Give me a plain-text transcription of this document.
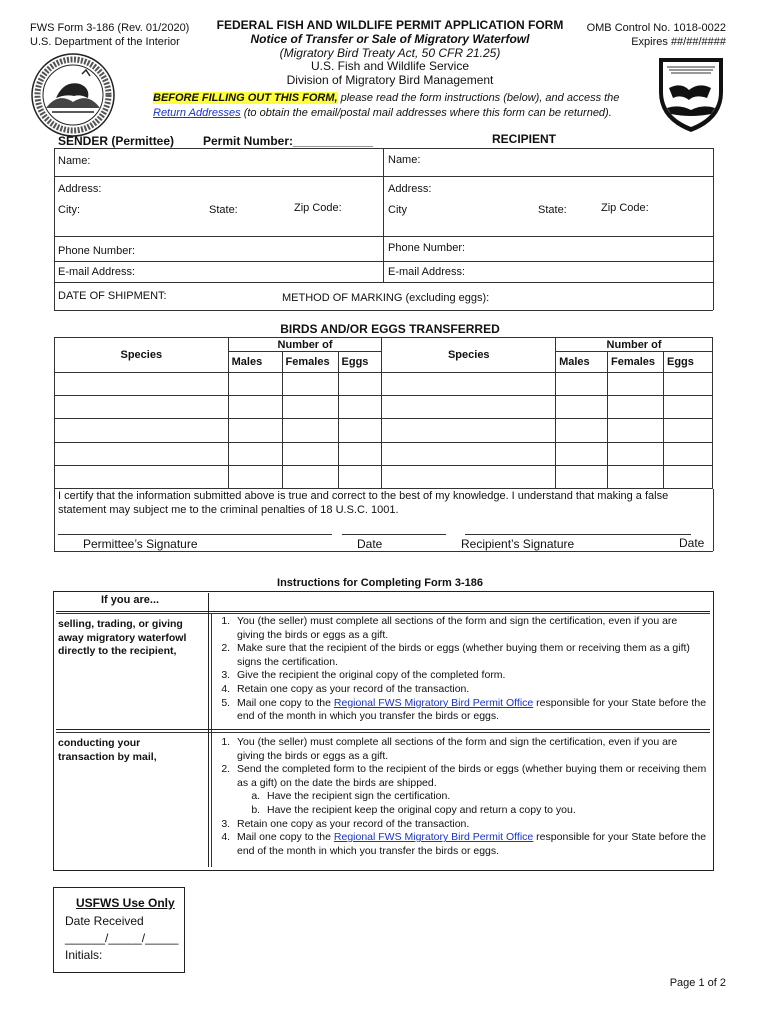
FWS Form 3-186 (Rev. 01/2020)
U.S. Department of the Interior
FEDERAL FISH AND WILDLIFE PERMIT APPLICATION FORM
Notice of Transfer or Sale of Migratory Waterfowl
(Migratory Bird Treaty Act, 50 CFR 21.25)
U.S. Fish and Wildlife Service
Division of Migratory Bird Management
OMB Control No. 1018-0022
Expires ##/##/####
BEFORE FILLING OUT THIS FORM, please read the form instructions (below), and access the
Return Addresses (to obtain the email/postal mail addresses where this form can be returned).
SENDER (Permittee) Permit Number:____________	RECIPIENT
Name:	Name:
Address:	Address:
City:	State:	Zip Code:	City	State:	Zip Code:
Phone Number:	Phone Number:
E-mail Address:	E-mail Address:
DATE OF SHIPMENT:	METHOD OF MARKING (excluding eggs):
BIRDS AND/OR EGGS TRANSFERRED
Species	Number of			Species	Number of		
	Males	Females	Eggs		Males	Females	Eggs

I certify that the information submitted above is true and correct to the best of my knowledge. I understand that making a false statement may subject me to the criminal penalties of 18 U.S.C. 1001.
Permittee’s Signature	Date	Recipient’s Signature	Date
Instructions for Completing Form 3-186
If you are...
selling, trading, or giving away migratory waterfowl directly to the recipient,
1. You (the seller) must complete all sections of the form and sign the certification, even if you are giving the birds or eggs as a gift.
2. Make sure that the recipient of the birds or eggs (whether buying them or receiving them as a gift) signs the certification.
3. Give the recipient the original copy of the completed form.
4. Retain one copy as your record of the transaction.
5. Mail one copy to the Regional FWS Migratory Bird Permit Office responsible for your State before the end of the month in which you transfer the birds or eggs.
conducting your transaction by mail,
1. You (the seller) must complete all sections of the form and sign the certification, even if you are giving the birds or eggs as a gift.
2. Send the completed form to the recipient of the birds or eggs (whether buying them or receiving them as a gift) on the date the birds are shipped.
a. Have the recipient sign the certification.
b. Have the recipient keep the original copy and return a copy to you.
3. Retain one copy as your record of the transaction.
4. Mail one copy to the Regional FWS Migratory Bird Permit Office responsible for your State before the end of the month in which you transfer the birds or eggs.
USFWS Use Only
Date Received
______/_____/_____
Initials:
Page 1 of 2
